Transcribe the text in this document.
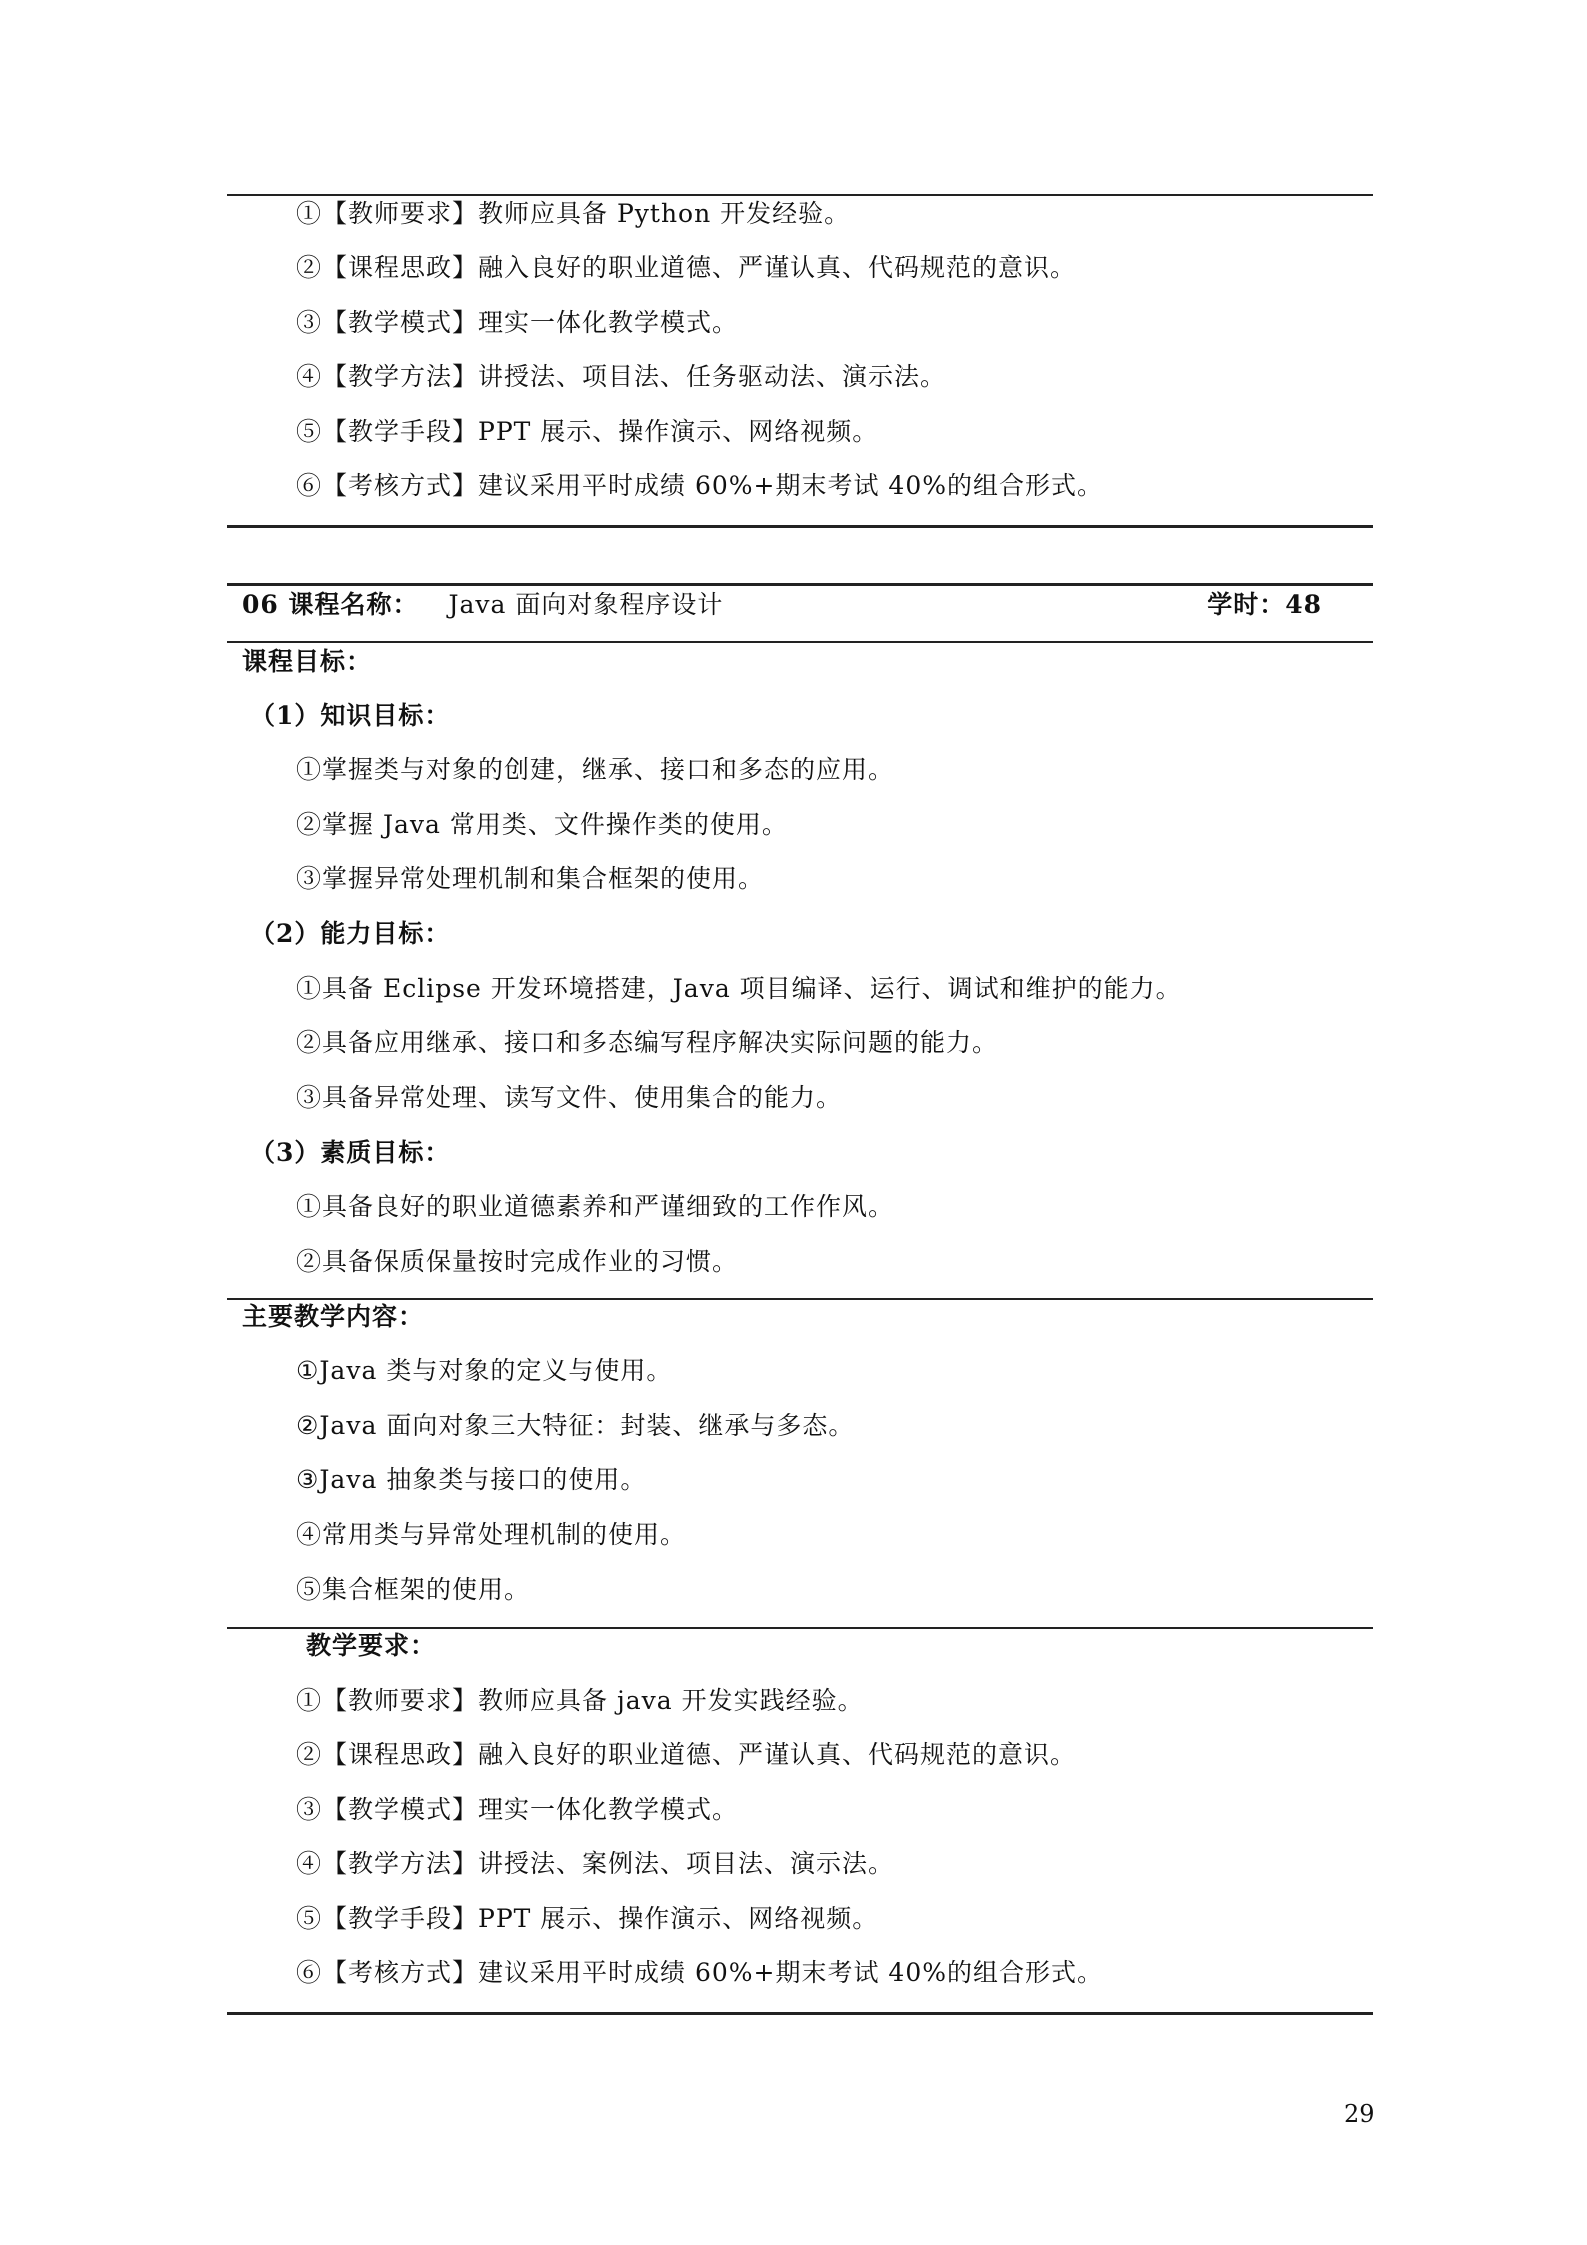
①【教师要求】教师应具备 Python 开发经验。
②【课程思政】融入良好的职业道德、严谨认真、代码规范的意识。
③【教学模式】理实一体化教学模式。
④【教学方法】讲授法、项目法、任务驱动法、演示法。
⑤【教学手段】PPT 展示、操作演示、网络视频。
⑥【考核方式】建议采用平时成绩 60%+期末考试 40%的组合形式。
06 课程名称： Java 面向对象程序设计	学时：48
课程目标：
（1）知识目标：
①掌握类与对象的创建，继承、接口和多态的应用。
②掌握 Java 常用类、文件操作类的使用。
③掌握异常处理机制和集合框架的使用。
（2）能力目标：
①具备 Eclipse 开发环境搭建，Java 项目编译、运行、调试和维护的能力。
②具备应用继承、接口和多态编写程序解决实际问题的能力。
③具备异常处理、读写文件、使用集合的能力。
（3）素质目标：
①具备良好的职业道德素养和严谨细致的工作作风。
②具备保质保量按时完成作业的习惯。
主要教学内容：
①Java 类与对象的定义与使用。
②Java 面向对象三大特征：封装、继承与多态。
③Java 抽象类与接口的使用。
④常用类与异常处理机制的使用。
⑤集合框架的使用。
教学要求：
①【教师要求】教师应具备 java 开发实践经验。
②【课程思政】融入良好的职业道德、严谨认真、代码规范的意识。
③【教学模式】理实一体化教学模式。
④【教学方法】讲授法、案例法、项目法、演示法。
⑤【教学手段】PPT 展示、操作演示、网络视频。
⑥【考核方式】建议采用平时成绩 60%+期末考试 40%的组合形式。
29
